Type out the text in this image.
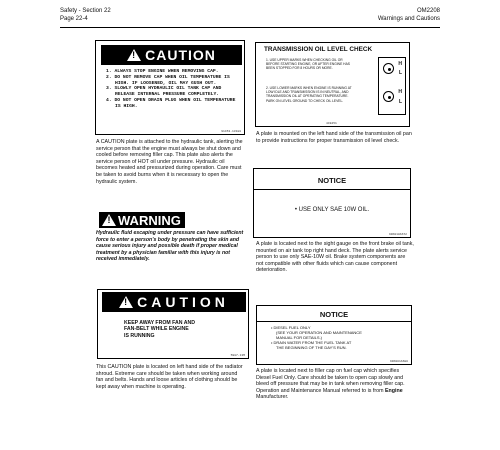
Safety - Section 22
Page 22-4
OM2208
Warnings and Cautions
!
CAUTION
1. ALWAYS STOP ENGINE WHEN REMOVING CAP.
2. DO NOT REMOVE CAP WHEN OIL TEMPERATURE IS HIGH. IF LOOSENED, OIL MAY GUSH OUT.
3. SLOWLY OPEN HYDRAULIC OIL TANK CAP AND RELEASE INTERNAL PRESSURE COMPLETELY.
4. DO NOT OPEN DRAIN PLUG WHEN OIL TEMPERATURE IS HIGH.
91453-13180
A CAUTION plate is attached to the hydraulic tank, alerting the service person that the engine must always be shut down and cooled before removing filler cap. This plate also alerts the service person of HOT oil under pressure. Hydraulic oil becomes heated and pressurized during operation. Care must be taken to avoid burns when it is necessary to open the hydraulic system.
TRANSMISSION OIL LEVEL CHECK
1. USE UPPER MARKS WHEN CHECKING OIL OR BEFORE STARTING ENGINE, OR AFTER ENGINE HAS BEEN STOPPED FOR 8 HOURS OR MORE.
2. USE LOWER MARKS WHEN ENGINE IS RUNNING AT LOW IDLE AND TRANSMISSION IS IN NEUTRAL, AND TRANSMISSION OIL AT OPERATING TEMPERATURE. PARK ON LEVEL GROUND TO CHECK OIL LEVEL.
H
L
H
L
449451
A plate is mounted on the left hand side of the transmission oil pan to provide instructions for proper transmission oil level check.
!
WARNING
Hydraulic fluid escaping under pressure can have sufficient force to enter a person's body by penetrating the skin and cause serious injury and possible death if proper medical treatment by a physician familiar with this injury is not received immediately.
NOTICE
• USE ONLY SAE 10W OIL.
99K010AS72
A plate is located next to the sight gauge on the front brake oil tank, mounted on air tank top right hand deck. The plate alerts service person to use only SAE-10W oil. Brake system components are not compatible with other fluids which can cause component deterioration.
!
CAUTION
KEEP AWAY FROM FAN AND
FAN-BELT WHILE ENGINE
IS RUNNING
5987-13M
This CAUTION plate is located on left hand side of the radiator shroud. Extreme care should be taken when working around fan and belts. Hands and loose articles of clothing should be kept away when machine is operating.
NOTICE
• DIESEL FUEL ONLY
(SEE YOUR OPERATION AND MAINTENANCE
MANUAL FOR DETAILS.)
• DRAIN WATER FROM THE FUEL TANK AT
THE BEGINNING OF THE DAY'S RUN.
99K001AS80
A plate is located next to filler cap on fuel cap which specifies Diesel Fuel Only. Care should be taken to open cap slowly and bleed off pressure that may be in tank when removing filler cap. Operation and Maintenance Manual referred to is from Engine Manufacturer.
